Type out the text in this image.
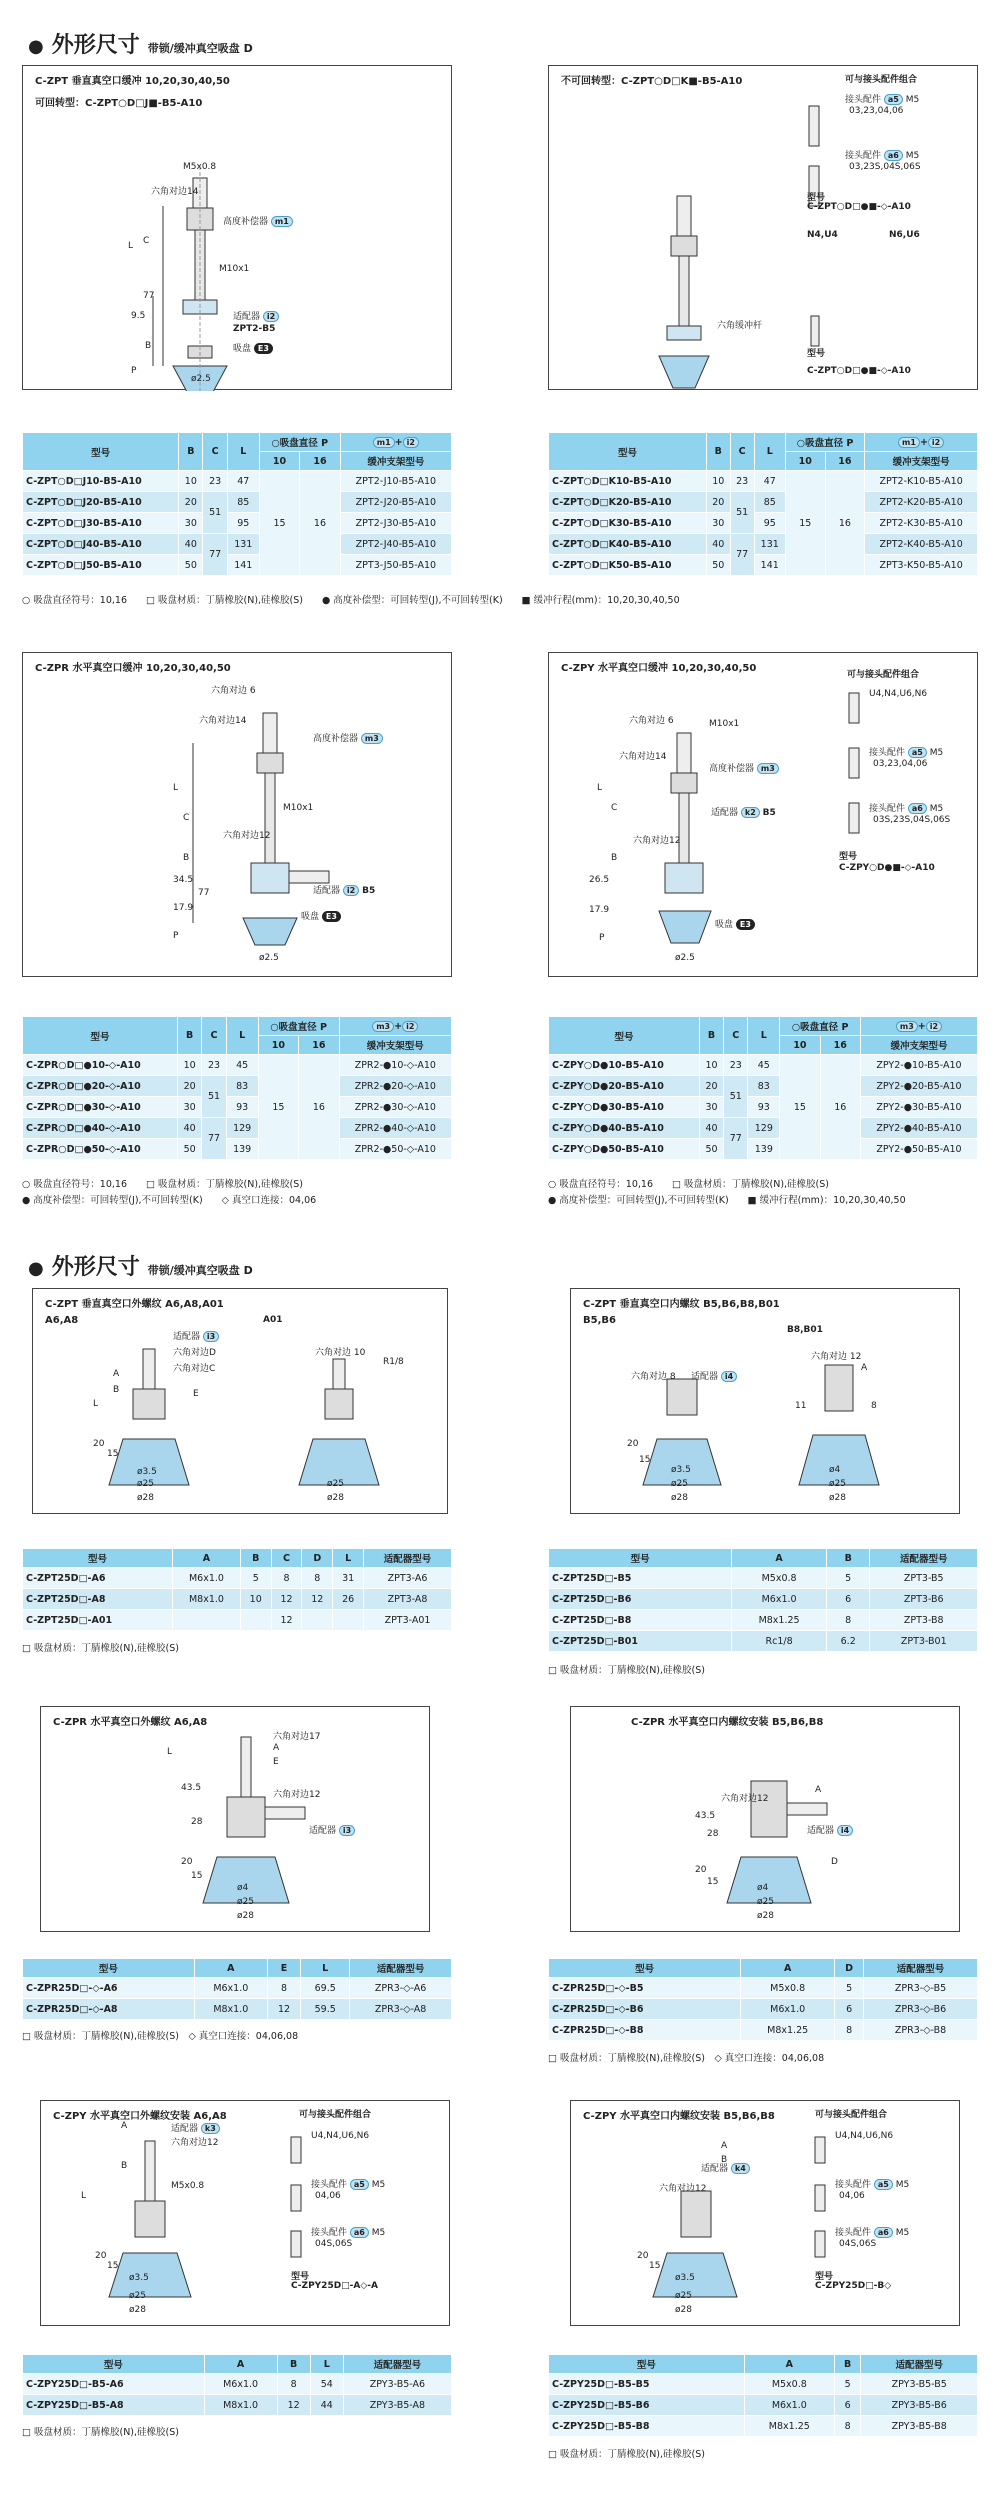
● 外形尺寸 带锁/缓冲真空吸盘 D
C-ZPT 垂直真空口缓冲 10,20,30,40,50
可回转型：C-ZPT○D□J■-B5-A10
M5x0.8
六角对边14
高度补偿器 m1
M10x1
L C
77
9.5
B
P
适配器 i2
ZPT2-B5
吸盘 E3
ø2.5
不可回转型：C-ZPT○D□K■-B5-A10	可与接头配件组合
接头配件 a5 M5
03,23,04,06
接头配件 a6 M5
03,23S,04S,06S
型号
C-ZPT○D□●■-◇-A10
N4,U4	N6,U6
六角缓冲杆
型号
C-ZPT○D□●■-◇-A10
型号	B	C	L	○吸盘直径 P		m1 + i2
				10	16	缓冲支架型号
C-ZPT○D□J10-B5-A10	10	23	47	15	16	ZPT2-J10-B5-A10
C-ZPT○D□J20-B5-A10	20	51	85			ZPT2-J20-B5-A10
C-ZPT○D□J30-B5-A10	30		95			ZPT2-J30-B5-A10
C-ZPT○D□J40-B5-A10	40	77	131			ZPT2-J40-B5-A10
C-ZPT○D□J50-B5-A10	50		141			ZPT3-J50-B5-A10
型号	B	C	L	○吸盘直径 P		m1 + i2
				10	16	缓冲支架型号
C-ZPT○D□K10-B5-A10	10	23	47	15	16	ZPT2-K10-B5-A10
C-ZPT○D□K20-B5-A10	20	51	85			ZPT2-K20-B5-A10
C-ZPT○D□K30-B5-A10	30		95			ZPT2-K30-B5-A10
C-ZPT○D□K40-B5-A10	40	77	131			ZPT2-K40-B5-A10
C-ZPT○D□K50-B5-A10	50		141			ZPT3-K50-B5-A10
○ 吸盘直径符号：10,16　　□ 吸盘材质：丁腈橡胶(N),硅橡胶(S)　　● 高度补偿型：可回转型(J),不可回转型(K)　　■ 缓冲行程(mm)：10,20,30,40,50
C-ZPR 水平真空口缓冲 10,20,30,40,50
六角对边 6
六角对边14
高度补偿器 m3
M10x1
六角对边12
适配器 i2 B5
吸盘 E3
ø2.5
L
C
34.5
17.9
77
B
P
C-ZPY 水平真空口缓冲 10,20,30,40,50
可与接头配件组合
U4,N4,U6,N6
接头配件 a5 M5
03,23,04,06
接头配件 a6 M5
03S,23S,04S,06S
型号
C-ZPY○D●■-◇-A10
六角对边 6	M10x1
六角对边14
高度补偿器 m3
适配器 k2 B5
六角对边12
吸盘 E3
ø2.5
26.5
17.9
L
C
B
P
型号	B	C	L	○吸盘直径 P		m3 + i2
				10	16	缓冲支架型号
C-ZPR○D□●10-◇-A10	10	23	45	15	16	ZPR2-●10-◇-A10
C-ZPR○D□●20-◇-A10	20	51	83			ZPR2-●20-◇-A10
C-ZPR○D□●30-◇-A10	30		93			ZPR2-●30-◇-A10
C-ZPR○D□●40-◇-A10	40	77	129			ZPR2-●40-◇-A10
C-ZPR○D□●50-◇-A10	50		139			ZPR2-●50-◇-A10
型号	B	C	L	○吸盘直径 P		m3 + i2
				10	16	缓冲支架型号
C-ZPY○D●10-B5-A10	10	23	45	15	16	ZPY2-●10-B5-A10
C-ZPY○D●20-B5-A10	20	51	83			ZPY2-●20-B5-A10
C-ZPY○D●30-B5-A10	30		93			ZPY2-●30-B5-A10
C-ZPY○D●40-B5-A10	40	77	129			ZPY2-●40-B5-A10
C-ZPY○D●50-B5-A10	50		139			ZPY2-●50-B5-A10
○ 吸盘直径符号：10,16　　□ 吸盘材质：丁腈橡胶(N),硅橡胶(S)
● 高度补偿型：可回转型(J),不可回转型(K)　　◇ 真空口连接：04,06
○ 吸盘直径符号：10,16　　□ 吸盘材质：丁腈橡胶(N),硅橡胶(S)
● 高度补偿型：可回转型(J),不可回转型(K)　　■ 缓冲行程(mm)：10,20,30,40,50
● 外形尺寸 带锁/缓冲真空吸盘 D
C-ZPT 垂直真空口外螺纹 A6,A8,A01
A6,A8	A01
适配器 i3
六角对边D
六角对边C
六角对边 10
R1/8
ø3.5
ø25
ø28
ø25
ø28
20
15
L
A
B	E
C-ZPT 垂直真空口内螺纹 B5,B6,B8,B01
B5,B6
B8,B01
六角对边 8 适配器 i4
六角对边 12
A
ø3.5
ø25
ø28
ø4
ø25
ø28
20
15
11	8
型号	A	B	C	D	L	适配器型号
C-ZPT25D□-A6	M6x1.0	5	8	8	31	ZPT3-A6
C-ZPT25D□-A8	M8x1.0	10	12	12	26	ZPT3-A8
C-ZPT25D□-A01			12			ZPT3-A01
□ 吸盘材质：丁腈橡胶(N),硅橡胶(S)
型号	A	B	适配器型号
C-ZPT25D□-B5	M5x0.8	5	ZPT3-B5
C-ZPT25D□-B6	M6x1.0	6	ZPT3-B6
C-ZPT25D□-B8	M8x1.25	8	ZPT3-B8
C-ZPT25D□-B01	Rc1/8	6.2	ZPT3-B01
□ 吸盘材质：丁腈橡胶(N),硅橡胶(S)
C-ZPR 水平真空口外螺纹 A6,A8
六角对边17
A
E
六角对边12
适配器 i3
43.5
28
20
15
L
ø4
ø25
ø28
C-ZPR 水平真空口内螺纹安装 B5,B6,B8
六角对边12
A
D
适配器 i4
43.5
28
20
15
ø4
ø25
ø28
型号	A	E	L	适配器型号
C-ZPR25D□-◇-A6	M6x1.0	8	69.5	ZPR3-◇-A6
C-ZPR25D□-◇-A8	M8x1.0	12	59.5	ZPR3-◇-A8
□ 吸盘材质：丁腈橡胶(N),硅橡胶(S)　◇ 真空口连接：04,06,08
型号	A	D	适配器型号
C-ZPR25D□-◇-B5	M5x0.8	5	ZPR3-◇-B5
C-ZPR25D□-◇-B6	M6x1.0	6	ZPR3-◇-B6
C-ZPR25D□-◇-B8	M8x1.25	8	ZPR3-◇-B8
□ 吸盘材质：丁腈橡胶(N),硅橡胶(S)　◇ 真空口连接：04,06,08
C-ZPY 水平真空口外螺纹安装 A6,A8	可与接头配件组合
适配器 k3
六角对边12
U4,N4,U6,N6
接头配件 a5 M5
04,06
接头配件 a6 M5
04S,06S
型号
C-ZPY25D□-A◇-A
ø3.5
ø25
ø28
20
15
M5x0.8
L
A
B
C-ZPY 水平真空口内螺纹安装 B5,B6,B8	可与接头配件组合
适配器 k4
六角对边12
U4,N4,U6,N6
接头配件 a5 M5
04,06
接头配件 a6 M5
04S,06S
型号
C-ZPY25D□-B◇
ø3.5
ø25
ø28
20
15
A
B
型号	A	B	L	适配器型号
C-ZPY25D□-B5-A6	M6x1.0	8	54	ZPY3-B5-A6
C-ZPY25D□-B5-A8	M8x1.0	12	44	ZPY3-B5-A8
□ 吸盘材质：丁腈橡胶(N),硅橡胶(S)
型号	A	B	适配器型号
C-ZPY25D□-B5-B5	M5x0.8	5	ZPY3-B5-B5
C-ZPY25D□-B5-B6	M6x1.0	6	ZPY3-B5-B6
C-ZPY25D□-B5-B8	M8x1.25	8	ZPY3-B5-B8
□ 吸盘材质：丁腈橡胶(N),硅橡胶(S)
